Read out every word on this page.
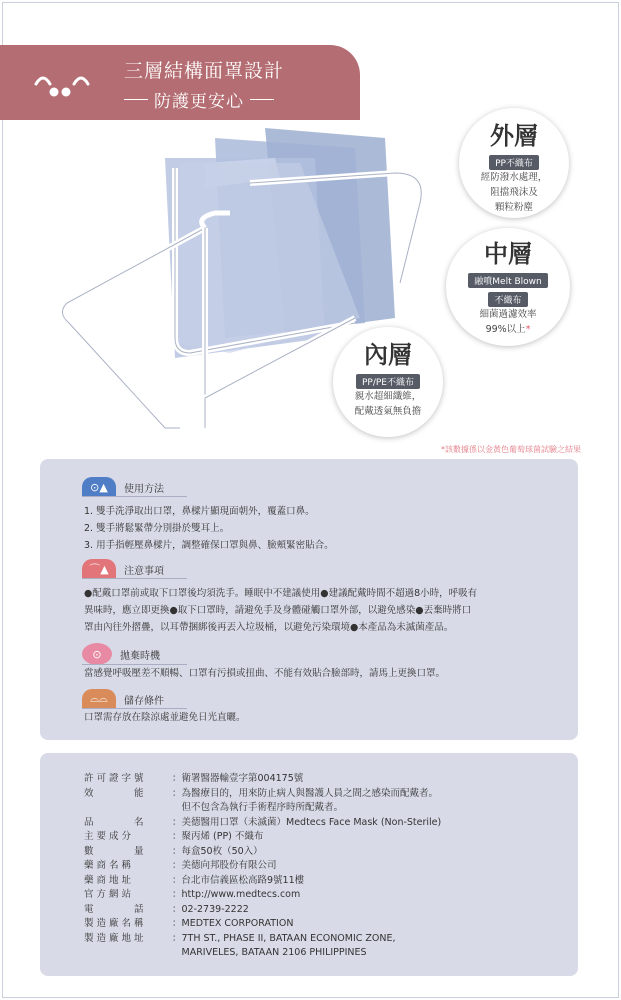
三層結構面罩設計
防護更安心
外層
PP不織布
經防潑水處理，
阻擋飛沫及
顆粒粉塵
中層
融噴Melt Blown
不織布
細菌過濾效率
99%以上*
內層
PP/PE不織布
親水超細纖維，
配戴透氣無負擔
*該數據係以金黃色葡萄球菌試驗之結果
⊙▲	使用方法
1. 雙手洗淨取出口罩，鼻樑片顯現面朝外，覆蓋口鼻。
2. 雙手將鬆緊帶分別掛於雙耳上。
3. 用手指輕壓鼻樑片，調整確保口罩與鼻、臉頰緊密貼合。
⌒▲	注意事項
●配戴口罩前或取下口罩後均須洗手。睡眠中不建議使用●建議配戴時間不超過8小時，呼吸有
異味時，應立即更換●取下口罩時，請避免手及身體碰觸口罩外部，以避免感染●丟棄時將口
罩由內往外摺疊，以耳帶捆綁後再丟入垃圾桶，以避免污染環境●本產品為未滅菌產品。
⊙	拋棄時機
當感覺呼吸壓差不順暢、口罩有污損或扭曲、不能有效貼合臉部時，請馬上更換口罩。
⌓⌓	儲存條件
口罩需存放在陰涼處並避免日光直曬。
許可證字號	：衛署醫器輸壹字第004175號
效　　　能	：為醫療目的，用來防止病人與醫護人員之間之感染而配戴者。
　但不包含為執行手術程序時所配戴者。
品　　　名	：美德醫用口罩（未滅菌）Medtecs Face Mask (Non-Sterile)
主要成分	：聚丙烯 (PP) 不織布
數　　　量	：每盒50枚（50入）
藥商名稱	：美德向邦股份有限公司
藥商地址	：台北市信義區松高路9號11樓
官方網站	：http://www.medtecs.com
電　　　話	：02-2739-2222
製造廠名稱	：MEDTEX CORPORATION
製造廠地址	：7TH ST., PHASE II, BATAAN ECONOMIC ZONE,
　MARIVELES, BATAAN 2106 PHILIPPINES
